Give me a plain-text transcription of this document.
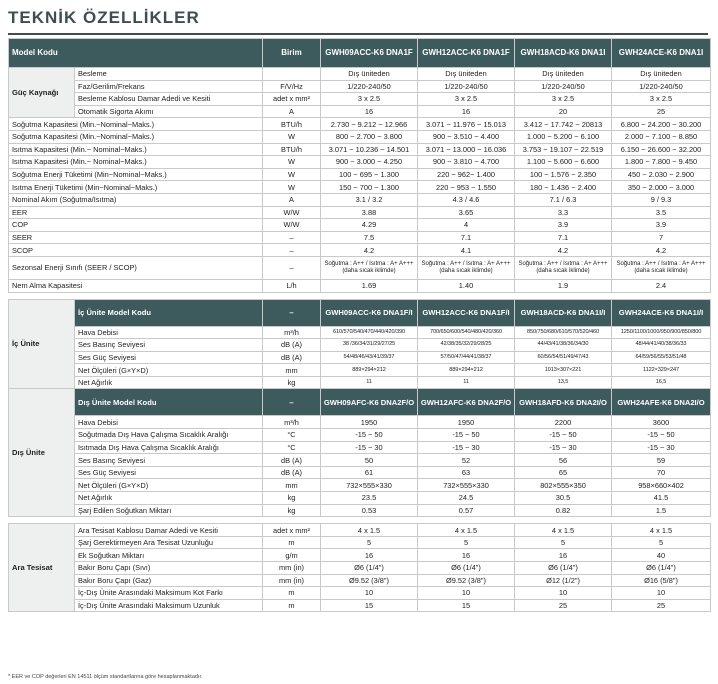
TEKNİK ÖZELLİKLER
Model Kodu		Birim	GWH09ACC-K6 DNA1F	GWH12ACC-K6 DNA1F	GWH18ACD-K6 DNA1I	GWH24ACE-K6 DNA1I
Güç Kaynağı	Besleme		Dış üniteden	Dış üniteden	Dış üniteden	Dış üniteden
	Faz/Gerilim/Frekans	F/V/Hz	1/220-240/50	1/220-240/50	1/220-240/50	1/220-240/50
	Besleme Kablosu Damar Adedi ve Kesiti	adet x mm²	3 x 2.5	3 x 2.5	3 x 2.5	3 x 2.5
	Otomatik Sigorta Akımı	A	16	16	20	25
Soğutma Kapasitesi (Min.~Nominal~Maks.)		BTU/h	2.730 ~ 9.212 ~ 12.966	3.071 ~ 11.976 ~ 15.013	3.412 ~ 17.742 ~ 20813	6.800 ~ 24.200 ~ 30.200
Soğutma Kapasitesi (Min.~Nominal~Maks.)		W	800 ~ 2.700 ~ 3.800	900 ~ 3.510 ~ 4.400	1.000 ~ 5.200 ~ 6.100	2.000 ~ 7.100 ~ 8.850
Isıtma Kapasitesi (Min.~ Nominal~Maks.)		BTU/h	3.071 ~ 10.236 ~ 14.501	3.071 ~ 13.000 ~ 16.036	3.753 ~ 19.107 ~ 22.519	6.150 ~ 26.600 ~ 32.200
Isıtma Kapasitesi (Min.~ Nominal~Maks.)		W	900 ~ 3.000 ~ 4.250	900 ~ 3.810 ~ 4.700	1.100 ~ 5.600 ~ 6.600	1.800 ~ 7.800 ~ 9.450
Soğutma Enerji Tüketimi (Min~Nominal~Maks.)		W	100 ~ 695 ~ 1.300	220 ~ 962~ 1.400	100 ~ 1.576 ~ 2.350	450 ~ 2.030 ~ 2.900
Isıtma Enerji Tüketimi (Min~Nominal~Maks.)		W	150 ~ 700 ~ 1.300	220 ~ 953 ~ 1.550	180 ~ 1.436 ~ 2.400	350 ~ 2.000 ~ 3.000
Nominal Akım (Soğutma/Isıtma)		A	3.1 / 3.2	4.3 / 4.6	7.1 / 6.3	9 / 9.3
EER		W/W	3.88	3.65	3.3	3.5
COP		W/W	4.29	4	3.9	3.9
SEER		–	7.5	7.1	7.1	7
SCOP		–	4.2	4.1	4.2	4.2
Sezonsal Enerji Sınıfı (SEER / SCOP)		–	Soğutma : A++ / Isıtma : A+ A+++ (daha sıcak iklimde)	Soğutma : A++ / Isıtma : A+ A+++ (daha sıcak iklimde)	Soğutma : A++ / Isıtma : A+ A+++ (daha sıcak iklimde)	Soğutma : A++ / Isıtma : A+ A+++ (daha sıcak iklimde)
Nem Alma Kapasitesi		L/h	1.69	1.40	1.9	2.4

İç Ünite	İç Ünite Model Kodu	–	GWH09ACC-K6 DNA1F/I	GWH12ACC-K6 DNA1F/I	GWH18ACD-K6 DNA1I/I	GWH24ACE-K6 DNA1I/I
	Hava Debisi	m³/h	610/570/540/470/440/420/390	700/650/600/540/480/420/360	850/750/680/610/570/520/460	1250/1100/1000/950/900/850/800
	Ses Basınç Seviyesi	dB (A)	38 /36/34/31/29/27/25	42/38/35/32/29/28/25	44/43/41/38/36/34/30	48/44/41/40/38/36/33
	Ses Güç Seviyesi	dB (A)	54/48/46/43/41/39/37	57/50/47/44/41/38/37	60/56/54/51/49/47/43	64/59/56/55/53/51/48
	Net Ölçüleri (G×Y×D)	mm	889×294×212	889×294×212	1013×307×221	1122×329×247
	Net Ağırlık	kg	11	11	13,5	16,5
Dış Ünite	Dış Ünite Model Kodu	–	GWH09AFC-K6 DNA2F/O	GWH12AFC-K6 DNA2F/O	GWH18AFD-K6 DNA2I/O	GWH24AFE-K6 DNA2I/O
	Hava Debisi	m³/h	1950	1950	2200	3600
	Soğutmada Dış Hava Çalışma Sıcaklık Aralığı	°C	-15 ~ 50	-15 ~ 50	-15 ~ 50	-15 ~ 50
	Isıtmada Dış Hava Çalışma Sıcaklık Aralığı	°C	-15 ~ 30	-15 ~ 30	-15 ~ 30	-15 ~ 30
	Ses Basınç Seviyesi	dB (A)	50	52	56	59
	Ses Güç Seviyesi	dB (A)	61	63	65	70
	Net Ölçüleri (G×Y×D)	mm	732×555×330	732×555×330	802×555×350	958×660×402
	Net Ağırlık	kg	23.5	24.5	30.5	41.5
	Şarj Edilen Soğutkan Miktarı	kg	0.53	0.57	0.82	1.5

Ara Tesisat	Ara Tesisat Kablosu Damar Adedi ve Kesiti	adet x mm²	4 x 1.5	4 x 1.5	4 x 1.5	4 x 1.5
	Şarj Gerektirmeyen Ara Tesisat Uzunluğu	m	5	5	5	5
	Ek Soğutkan Miktarı	g/m	16	16	16	40
	Bakır Boru Çapı (Sıvı)	mm (in)	Ø6 (1/4")	Ø6 (1/4")	Ø6 (1/4")	Ø6 (1/4")
	Bakır Boru Çapı (Gaz)	mm (in)	Ø9.52 (3/8")	Ø9.52 (3/8")	Ø12 (1/2")	Ø16 (5/8")
	İç-Dış Ünite Arasındaki Maksimum Kot Farkı	m	10	10	10	10
	İç-Dış Ünite Arasındaki Maksimum Uzunluk	m	15	15	25	25
* EER ve COP değerleri EN 14511 ölçüm standartlarına göre hesaplanmaktadır.
